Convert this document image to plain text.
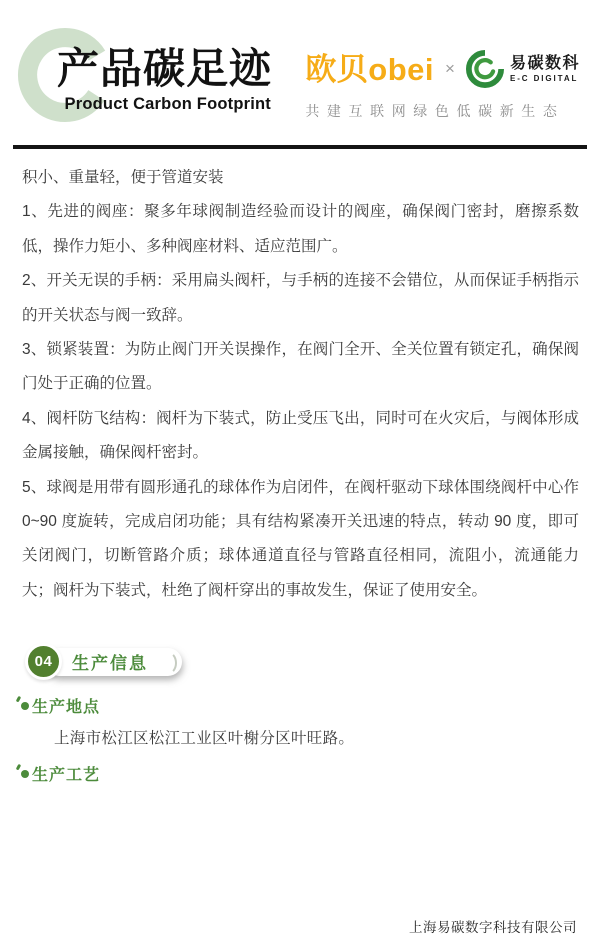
产品碳足迹
Product Carbon Footprint
欧贝obei ×	易碳数科
E-C DIGITAL
共建互联网绿色低碳新生态

积小、重量轻，便于管道安装

1、先进的阀座：聚多年球阀制造经验而设计的阀座，确保阀门密封，磨擦系数低，操作力矩小、多种阀座材料、适应范围广。

2、开关无误的手柄：采用扁头阀杆，与手柄的连接不会错位，从而保证手柄指示的开关状态与阀一致辞。

3、锁紧装置：为防止阀门开关误操作，在阀门全开、全关位置有锁定孔，确保阀门处于正确的位置。

4、阀杆防飞结构：阀杆为下装式，防止受压飞出，同时可在火灾后，与阀体形成金属接触，确保阀杆密封。

5、球阀是用带有圆形通孔的球体作为启闭件，在阀杆驱动下球体围绕阀杆中心作 0~90 度旋转，完成启闭功能；具有结构紧凑开关迅速的特点，转动 90 度，即可关闭阀门，切断管路介质；球体通道直径与管路直径相同，流阻小，流通能力大；阀杆为下装式，杜绝了阀杆穿出的事故发生，保证了使用安全。

04	生产信息
生产地点
上海市松江区松江工业区叶榭分区叶旺路。
生产工艺
上海易碳数字科技有限公司
